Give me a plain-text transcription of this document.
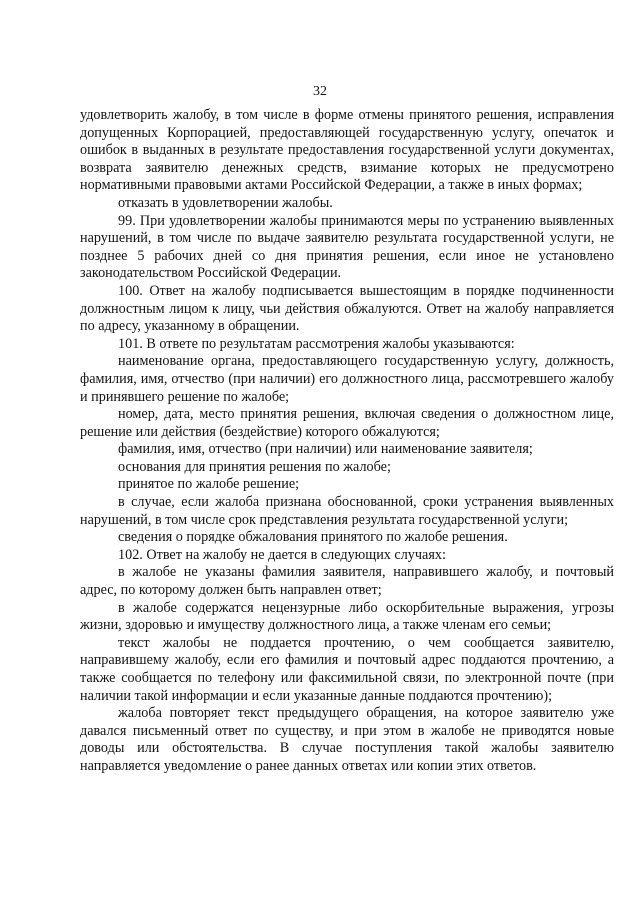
32

удовлетворить жалобу, в том числе в форме отмены принятого решения, исправления допущенных Корпорацией, предоставляющей государственную услугу, опечаток и ошибок в выданных в результате предоставления государственной услуги документах, возврата заявителю денежных средств, взимание которых не предусмотрено нормативными правовыми актами Российской Федерации, а также в иных формах;

отказать в удовлетворении жалобы.

99. При удовлетворении жалобы принимаются меры по устранению выявленных нарушений, в том числе по выдаче заявителю результата государственной услуги, не позднее 5 рабочих дней со дня принятия решения, если иное не установлено законодательством Российской Федерации.

100. Ответ на жалобу подписывается вышестоящим в порядке подчиненности должностным лицом к лицу, чьи действия обжалуются. Ответ на жалобу направляется по адресу, указанному в обращении.

101. В ответе по результатам рассмотрения жалобы указываются:

наименование органа, предоставляющего государственную услугу, должность, фамилия, имя, отчество (при наличии) его должностного лица, рассмотревшего жалобу и принявшего решение по жалобе;

номер, дата, место принятия решения, включая сведения о должностном лице, решение или действия (бездействие) которого обжалуются;

фамилия, имя, отчество (при наличии) или наименование заявителя;

основания для принятия решения по жалобе;

принятое по жалобе решение;

в случае, если жалоба признана обоснованной, сроки устранения выявленных нарушений, в том числе срок представления результата государственной услуги;

сведения о порядке обжалования принятого по жалобе решения.

102. Ответ на жалобу не дается в следующих случаях:

в жалобе не указаны фамилия заявителя, направившего жалобу, и почтовый адрес, по которому должен быть направлен ответ;

в жалобе содержатся нецензурные либо оскорбительные выражения, угрозы жизни, здоровью и имуществу должностного лица, а также членам его семьи;

текст жалобы не поддается прочтению, о чем сообщается заявителю, направившему жалобу, если его фамилия и почтовый адрес поддаются прочтению, а также сообщается по телефону или факсимильной связи, по электронной почте (при наличии такой информации и если указанные данные поддаются прочтению);

жалоба повторяет текст предыдущего обращения, на которое заявителю уже давался письменный ответ по существу, и при этом в жалобе не приводятся новые доводы или обстоятельства. В случае поступления такой жалобы заявителю направляется уведомление о ранее данных ответах или копии этих ответов.
